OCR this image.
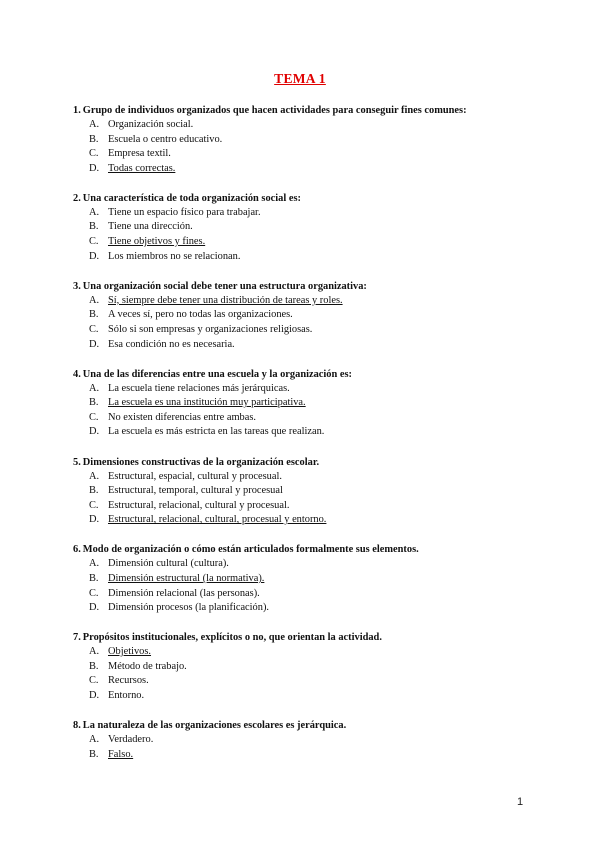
TEMA 1
1. Grupo de individuos organizados que hacen actividades para conseguir fines comunes:
A. Organización social.
B. Escuela o centro educativo.
C. Empresa textil.
D. Todas correctas.
2. Una característica de toda organización social es:
A. Tiene un espacio físico para trabajar.
B. Tiene una dirección.
C. Tiene objetivos y fines.
D. Los miembros no se relacionan.
3. Una organización social debe tener una estructura organizativa:
A. Sí, siempre debe tener una distribución de tareas y roles.
B. A veces sí, pero no todas las organizaciones.
C. Sólo si son empresas y organizaciones religiosas.
D. Esa condición no es necesaria.
4. Una de las diferencias entre una escuela y la organización es:
A. La escuela tiene relaciones más jerárquicas.
B. La escuela es una institución muy participativa.
C. No existen diferencias entre ambas.
D. La escuela es más estricta en las tareas que realizan.
5. Dimensiones constructivas de la organización escolar.
A. Estructural, espacial, cultural y procesual.
B. Estructural, temporal, cultural y procesual
C. Estructural, relacional, cultural y procesual.
D. Estructural, relacional, cultural, procesual y entorno.
6. Modo de organización o cómo están articulados formalmente sus elementos.
A. Dimensión cultural (cultura).
B. Dimensión estructural (la normativa).
C. Dimensión relacional (las personas).
D. Dimensión procesos (la planificación).
7. Propósitos institucionales, explícitos o no, que orientan la actividad.
A. Objetivos.
B. Método de trabajo.
C. Recursos.
D. Entorno.
8. La naturaleza de las organizaciones escolares es jerárquica.
A. Verdadero.
B. Falso.
1
